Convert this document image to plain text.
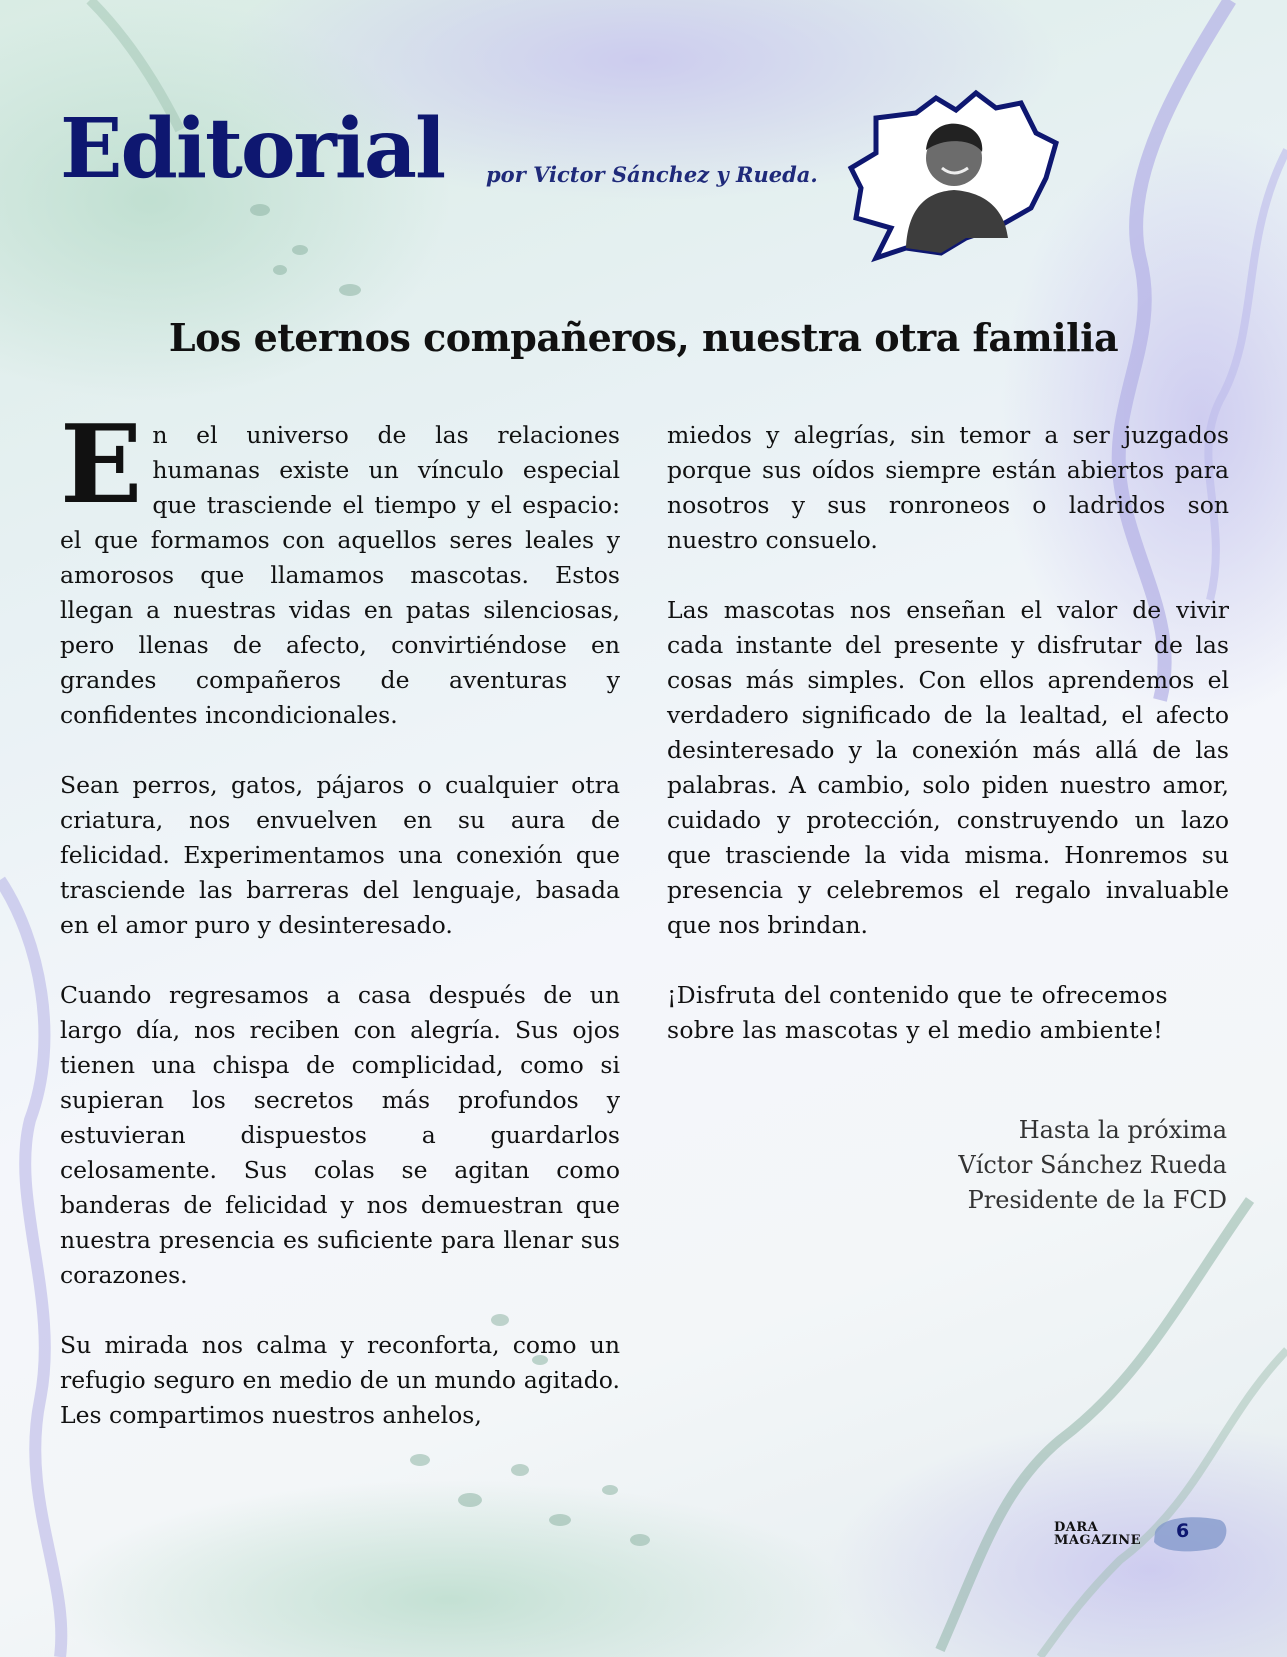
Editorial por Victor Sánchez y Rueda.
Los eternos compañeros, nuestra otra familia

En el universo de las relaciones humanas existe un vínculo especial que trasciende el tiempo y el espacio: el que formamos con aquellos seres leales y amorosos que llamamos mascotas. Estos llegan a nuestras vidas en patas silenciosas, pero llenas de afecto, convirtiéndose en grandes compañeros de aventuras y confidentes incondicionales.

Sean perros, gatos, pájaros o cualquier otra criatura, nos envuelven en su aura de felicidad. Experimentamos una conexión que trasciende las barreras del lenguaje, basada en el amor puro y desinteresado.

Cuando regresamos a casa después de un largo día, nos reciben con alegría. Sus ojos tienen una chispa de complicidad, como si supieran los secretos más profundos y estuvieran dispuestos a guardarlos celosamente. Sus colas se agitan como banderas de felicidad y nos demuestran que nuestra presencia es suficiente para llenar sus corazones.

Su mirada nos calma y reconforta, como un refugio seguro en medio de un mundo agitado. Les compartimos nuestros anhelos,

miedos y alegrías, sin temor a ser juzgados porque sus oídos siempre están abiertos para nosotros y sus ronroneos o ladridos son nuestro consuelo.

Las mascotas nos enseñan el valor de vivir cada instante del presente y disfrutar de las cosas más simples. Con ellos aprendemos el verdadero significado de la lealtad, el afecto desinteresado y la conexión más allá de las palabras. A cambio, solo piden nuestro amor, cuidado y protección, construyendo un lazo que trasciende la vida misma. Honremos su presencia y celebremos el regalo invaluable que nos brindan.

¡Disfruta del contenido que te ofrecemos sobre las mascotas y el medio ambiente!

Hasta la próxima
Víctor Sánchez Rueda
Presidente de la FCD
DARA
MAGAZINE 6
